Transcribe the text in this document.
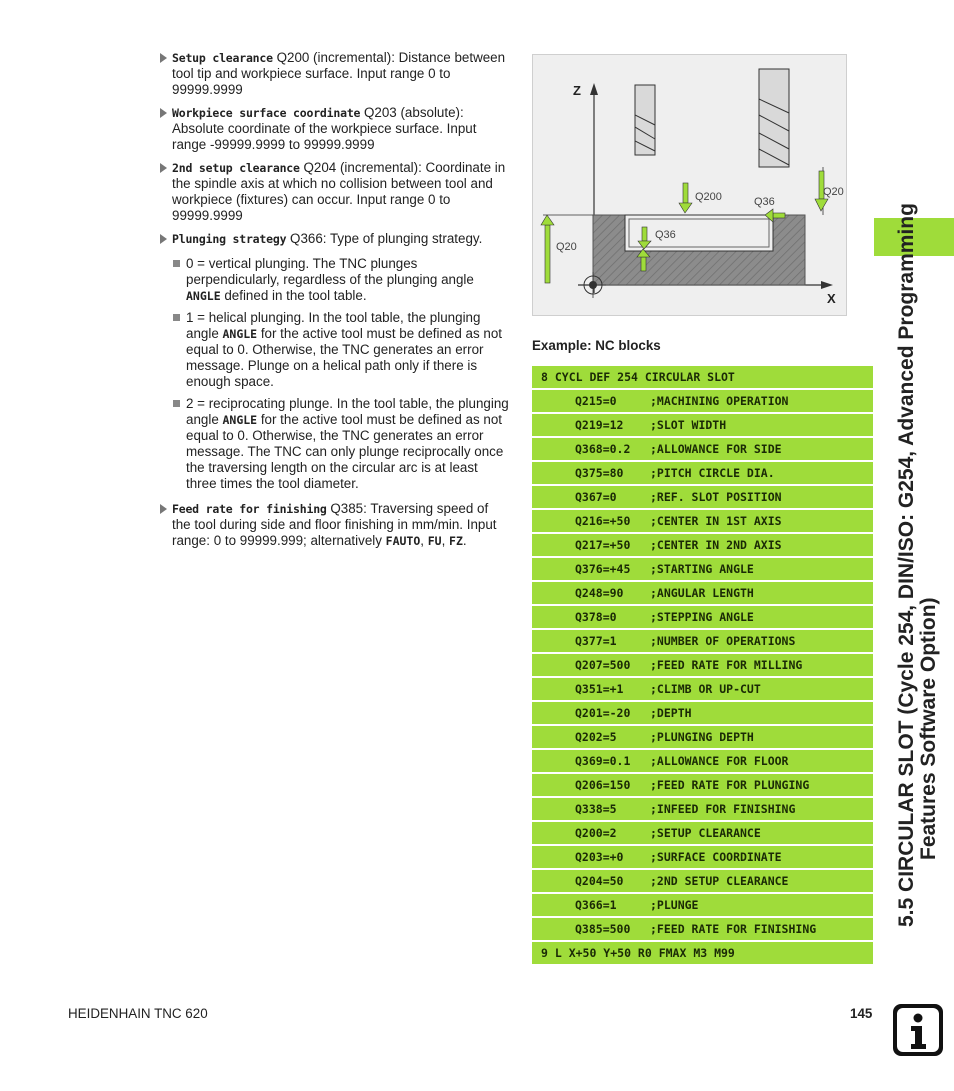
Setup clearance Q200 (incremental): Distance between tool tip and workpiece surface. Input range 0 to 99999.9999
Workpiece surface coordinate Q203 (absolute): Absolute coordinate of the workpiece surface. Input range -99999.9999 to 99999.9999
2nd setup clearance Q204 (incremental): Coordinate in the spindle axis at which no collision between tool and workpiece (fixtures) can occur. Input range 0 to 99999.9999
Plunging strategy Q366: Type of plunging strategy.
0 = vertical plunging. The TNC plunges perpendicularly, regardless of the plunging angle ANGLE defined in the tool table.
1 = helical plunging. In the tool table, the plunging angle ANGLE for the active tool must be defined as not equal to 0. Otherwise, the TNC generates an error message. Plunge on a helical path only if there is enough space.
2 = reciprocating plunge. In the tool table, the plunging angle ANGLE for the active tool must be defined as not equal to 0. Otherwise, the TNC generates an error message. The TNC can only plunge reciprocally once the traversing length on the circular arc is at least three times the tool diameter.
Feed rate for finishing Q385: Traversing speed of the tool during side and floor finishing in mm/min. Input range: 0 to 99999.999; alternatively FAUTO, FU, FZ.
Z
X
Q200	Q36
Q20
Q36
Q20
Example: NC blocks
8 CYCL DEF 254 CIRCULAR SLOT
Q215=0	;MACHINING OPERATION
Q219=12 ;SLOT WIDTH
Q368=0.2 ;ALLOWANCE FOR SIDE
Q375=80 ;PITCH CIRCLE DIA.
Q367=0	;REF. SLOT POSITION
Q216=+50 ;CENTER IN 1ST AXIS
Q217=+50 ;CENTER IN 2ND AXIS
Q376=+45 ;STARTING ANGLE
Q248=90 ;ANGULAR LENGTH
Q378=0	;STEPPING ANGLE
Q377=1	;NUMBER OF OPERATIONS
Q207=500 ;FEED RATE FOR MILLING
Q351=+1 ;CLIMB OR UP-CUT
Q201=-20 ;DEPTH
Q202=5	;PLUNGING DEPTH
Q369=0.1 ;ALLOWANCE FOR FLOOR
Q206=150 ;FEED RATE FOR PLUNGING
Q338=5	;INFEED FOR FINISHING
Q200=2	;SETUP CLEARANCE
Q203=+0 ;SURFACE COORDINATE
Q204=50 ;2ND SETUP CLEARANCE
Q366=1	;PLUNGE
Q385=500 ;FEED RATE FOR FINISHING
9 L X+50 Y+50 R0 FMAX M3 M99
5.5 CIRCULAR SLOT (Cycle 254, DIN/ISO: G254, Advanced Programming Features Software Option)
HEIDENHAIN TNC 620	145
